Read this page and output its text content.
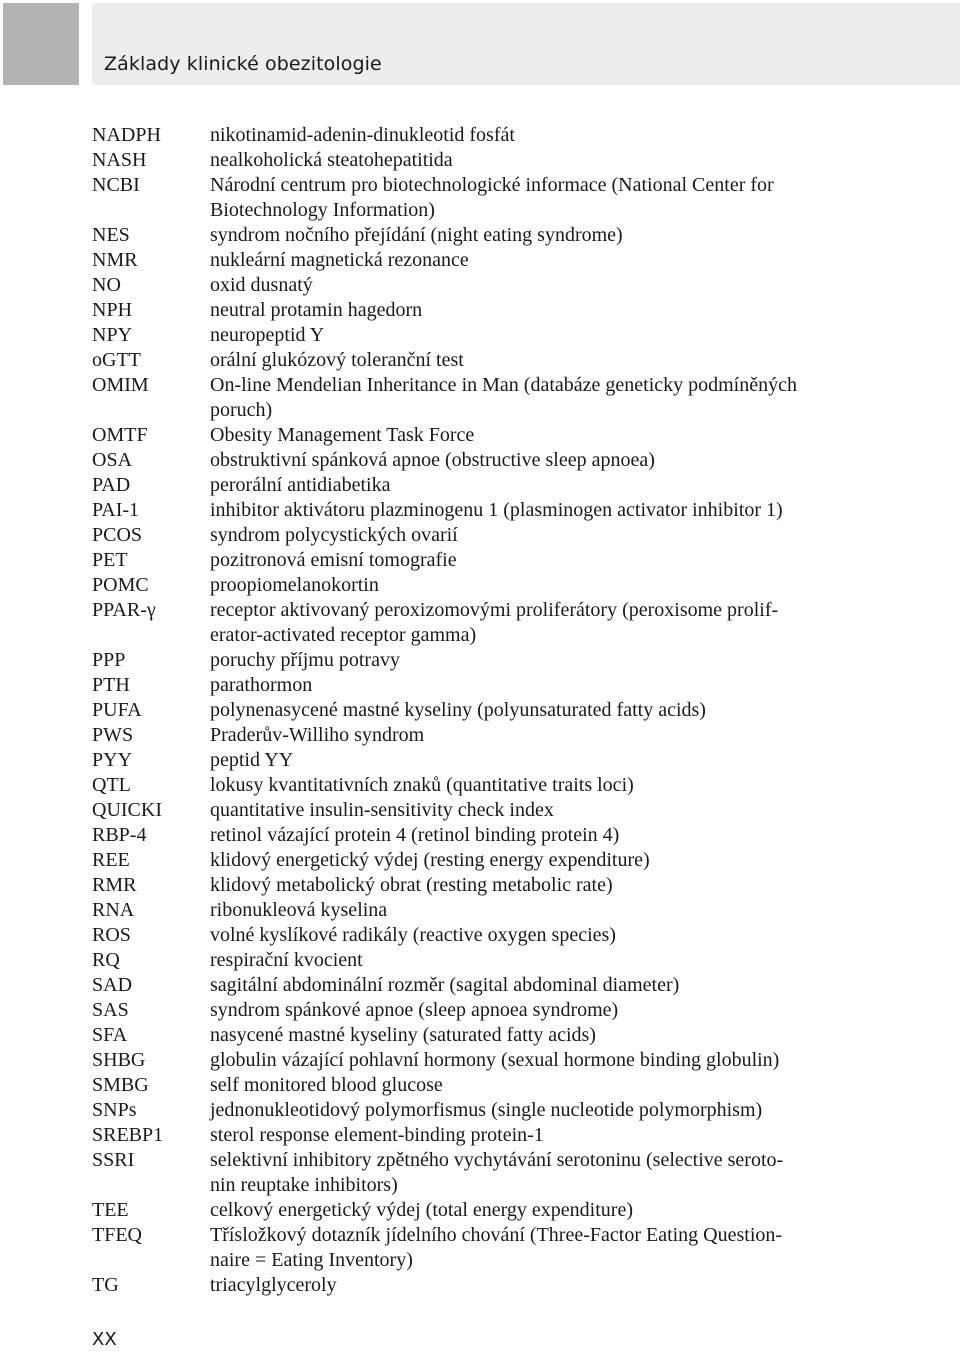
Základy klinické obezitologie
NADPH	nikotinamid-adenin-dinukleotid fosfát
NASH	nealkoholická steatohepatitida
NCBI	Národní centrum pro biotechnologické informace (National Center for
Biotechnology Information)
NES	syndrom nočního přejídání (night eating syndrome)
NMR	nukleární magnetická rezonance
NO	oxid dusnatý
NPH	neutral protamin hagedorn
NPY	neuropeptid Y
oGTT	orální glukózový toleranční test
OMIM	On-line Mendelian Inheritance in Man (databáze geneticky podmíněných
poruch)
OMTF	Obesity Management Task Force
OSA	obstruktivní spánková apnoe (obstructive sleep apnoea)
PAD	perorální antidiabetika
PAI-1	inhibitor aktivátoru plazminogenu 1 (plasminogen activator inhibitor 1)
PCOS	syndrom polycystických ovarií
PET	pozitronová emisní tomografie
POMC	proopiomelanokortin
PPAR-γ	receptor aktivovaný peroxizomovými proliferátory (peroxisome prolif-
erator-activated receptor gamma)
PPP	poruchy příjmu potravy
PTH	parathormon
PUFA	polynenasycené mastné kyseliny (polyunsaturated fatty acids)
PWS	Praderův-Williho syndrom
PYY	peptid YY
QTL	lokusy kvantitativních znaků (quantitative traits loci)
QUICKI	quantitative insulin-sensitivity check index
RBP-4	retinol vázající protein 4 (retinol binding protein 4)
REE	klidový energetický výdej (resting energy expenditure)
RMR	klidový metabolický obrat (resting metabolic rate)
RNA	ribonukleová kyselina
ROS	volné kyslíkové radikály (reactive oxygen species)
RQ	respirační kvocient
SAD	sagitální abdominální rozměr (sagital abdominal diameter)
SAS	syndrom spánkové apnoe (sleep apnoea syndrome)
SFA	nasycené mastné kyseliny (saturated fatty acids)
SHBG	globulin vázající pohlavní hormony (sexual hormone binding globulin)
SMBG	self monitored blood glucose
SNPs	jednonukleotidový polymorfismus (single nucleotide polymorphism)
SREBP1	sterol response element-binding protein-1
SSRI	selektivní inhibitory zpětného vychytávání serotoninu (selective seroto-
nin reuptake inhibitors)
TEE	celkový energetický výdej (total energy expenditure)
TFEQ	Třísložkový dotazník jídelního chování (Three-Factor Eating Question-
naire = Eating Inventory)
TG	triacylglyceroly
XX
